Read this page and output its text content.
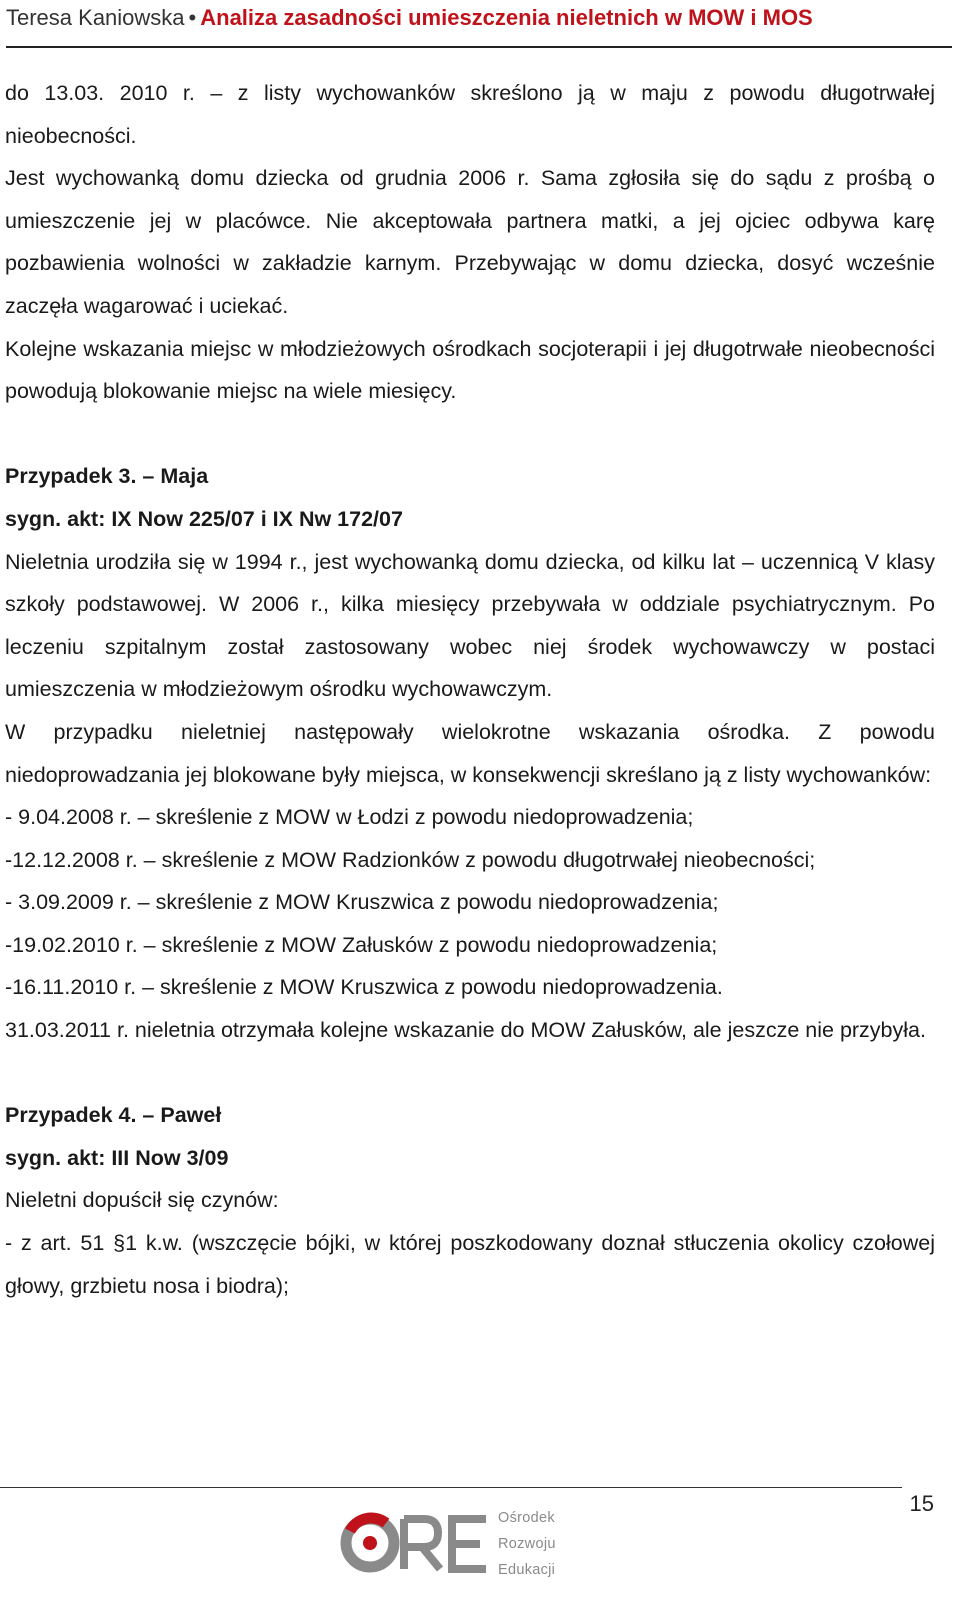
Teresa Kaniowska • Analiza zasadności umieszczenia nieletnich w MOW i MOS

do 13.03. 2010 r. – z listy wychowanków skreślono ją w maju z powodu długotrwałej nieobecności.

Jest wychowanką domu dziecka od grudnia 2006 r. Sama zgłosiła się do sądu z prośbą o umieszczenie jej w placówce. Nie akceptowała partnera matki, a jej ojciec odbywa karę pozbawienia wolności w zakładzie karnym. Przebywając w domu dziecka, dosyć wcześnie zaczęła wagarować i uciekać.

Kolejne wskazania miejsc w młodzieżowych ośrodkach socjoterapii i jej długotrwałe nieobecności powodują blokowanie miejsc na wiele miesięcy.

Przypadek 3. – Maja

sygn. akt: IX Now 225/07 i IX Nw 172/07

Nieletnia urodziła się w 1994 r., jest wychowanką domu dziecka, od kilku lat – uczennicą V klasy szkoły podstawowej. W 2006 r., kilka miesięcy przebywała w oddziale psychiatrycznym. Po leczeniu szpitalnym został zastosowany wobec niej środek wychowawczy w postaci umieszczenia w młodzieżowym ośrodku wychowawczym.

W przypadku nieletniej następowały wielokrotne wskazania ośrodka. Z powodu niedoprowadzania jej blokowane były miejsca, w konsekwencji skreślano ją z listy wychowanków:

- 9.04.2008 r. – skreślenie z MOW w Łodzi z powodu niedoprowadzenia;

-12.12.2008 r. – skreślenie z MOW Radzionków z powodu długotrwałej nieobecności;

- 3.09.2009 r. – skreślenie z MOW Kruszwica z powodu niedoprowadzenia;

-19.02.2010 r. – skreślenie z MOW Załusków z powodu niedoprowadzenia;

-16.11.2010 r. – skreślenie z MOW Kruszwica z powodu niedoprowadzenia.

31.03.2011 r. nieletnia otrzymała kolejne wskazanie do MOW Załusków, ale jeszcze nie przybyła.

Przypadek 4. – Paweł

sygn. akt: III Now 3/09

Nieletni dopuścił się czynów:

- z art. 51 §1 k.w. (wszczęcie bójki, w której poszkodowany doznał stłuczenia okolicy czołowej głowy, grzbietu nosa i biodra);

15
Ośrodek
Rozwoju
Edukacji
